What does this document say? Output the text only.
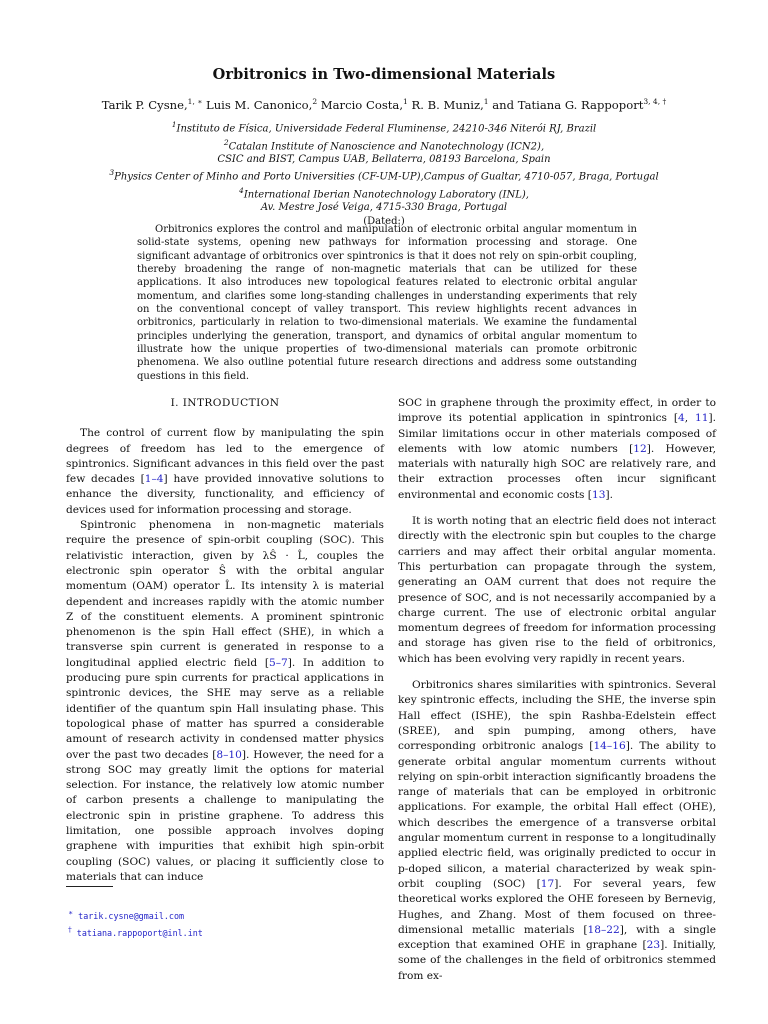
Orbitronics in Two-dimensional Materials
Tarik P. Cysne,$^{1, ∗}$ Luis M. Canonico,$^2$ Marcio Costa,$^1$ R. B. Muniz,$^1$ and Tatiana G. Rappoport$^{3, 4, \dagger}$
$^1$Instituto de Física, Universidade Federal Fluminense, 24210-346 Niterói RJ, Brazil
$^2$Catalan Institute of Nanoscience and Nanotechnology (ICN2),
CSIC and BIST, Campus UAB, Bellaterra, 08193 Barcelona, Spain
$^3$Physics Center of Minho and Porto Universities (CF-UM-UP),Campus of Gualtar, 4710-057, Braga, Portugal
$^4$International Iberian Nanotechnology Laboratory (INL),
Av. Mestre José Veiga, 4715-330 Braga, Portugal
(Dated:)
Orbitronics explores the control and manipulation of electronic orbital angular momentum in solid-state systems, opening new pathways for information processing and storage. One significant advantage of orbitronics over spintronics is that it does not rely on spin-orbit coupling, thereby broadening the range of non-magnetic materials that can be utilized for these applications. It also introduces new topological features related to electronic orbital angular momentum, and clarifies some long-standing challenges in understanding experiments that rely on the conventional concept of valley transport. This review highlights recent advances in orbitronics, particularly in relation to two-dimensional materials. We examine the fundamental principles underlying the generation, transport, and dynamics of orbital angular momentum to illustrate how the unique properties of two-dimensional materials can promote orbitronic phenomena. We also outline potential future research directions and address some outstanding questions in this field.
I. INTRODUCTION

The control of current flow by manipulating the spin degrees of freedom has led to the emergence of spintronics. Significant advances in this field over the past few decades [1–4] have provided innovative solutions to enhance the diversity, functionality, and efficiency of devices used for information processing and storage.

Spintronic phenomena in non-magnetic materials require the presence of spin-orbit coupling (SOC). This relativistic interaction, given by λŜ · L̂, couples the electronic spin operator Ŝ with the orbital angular momentum (OAM) operator L̂. Its intensity λ is material dependent and increases rapidly with the atomic number Z of the constituent elements. A prominent spintronic phenomenon is the spin Hall effect (SHE), in which a transverse spin current is generated in response to a longitudinal applied electric field [5–7]. In addition to producing pure spin currents for practical applications in spintronic devices, the SHE may serve as a reliable identifier of the quantum spin Hall insulating phase. This topological phase of matter has spurred a considerable amount of research activity in condensed matter physics over the past two decades [8–10]. However, the need for a strong SOC may greatly limit the options for material selection. For instance, the relatively low atomic number of carbon presents a challenge to manipulating the electronic spin in pristine graphene. To address this limitation, one possible approach involves doping graphene with impurities that exhibit high spin-orbit coupling (SOC) values, or placing it sufficiently close to materials that can induce

SOC in graphene through the proximity effect, in order to improve its potential application in spintronics [4, 11]. Similar limitations occur in other materials composed of elements with low atomic numbers [12]. However, materials with naturally high SOC are relatively rare, and their extraction processes often incur significant environmental and economic costs [13].

It is worth noting that an electric field does not interact directly with the electronic spin but couples to the charge carriers and may affect their orbital angular momenta. This perturbation can propagate through the system, generating an OAM current that does not require the presence of SOC, and is not necessarily accompanied by a charge current. The use of electronic orbital angular momentum degrees of freedom for information processing and storage has given rise to the field of orbitronics, which has been evolving very rapidly in recent years.

Orbitronics shares similarities with spintronics. Several key spintronic effects, including the SHE, the inverse spin Hall effect (ISHE), the spin Rashba-Edelstein effect (SREE), and spin pumping, among others, have corresponding orbitronic analogs [14–16]. The ability to generate orbital angular momentum currents without relying on spin-orbit interaction significantly broadens the range of materials that can be employed in orbitronic applications. For example, the orbital Hall effect (OHE), which describes the emergence of a transverse orbital angular momentum current in response to a longitudinally applied electric field, was originally predicted to occur in p-doped silicon, a material characterized by weak spin-orbit coupling (SOC) [17]. For several years, few theoretical works explored the OHE foreseen by Bernevig, Hughes, and Zhang. Most of them focused on three-dimensional metallic materials [18–22], with a single exception that examined OHE in graphane [23]. Initially, some of the challenges in the field of orbitronics stemmed from ex-

∗ tarik.cysne@gmail.com
† tatiana.rappoport@inl.int
